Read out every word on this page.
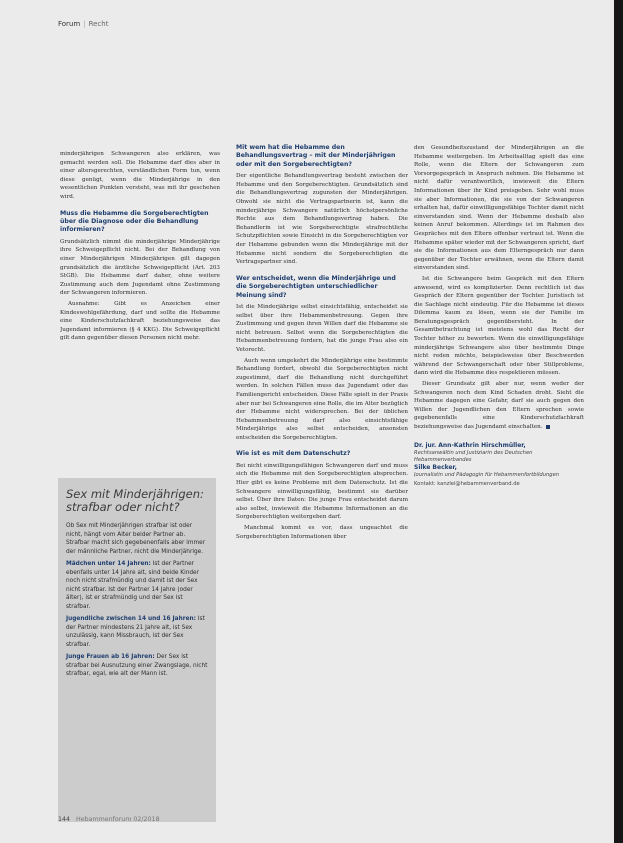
Forum | Recht

minderjährigen Schwangeren also erklären, was gemacht werden soll. Die Hebamme darf dies aber in einer altersgerechten, verständlichen Form tun, wenn diese genügt, wenn die Minderjährige in den wesentlichen Punkten versteht, was mit ihr geschehen wird.

Muss die Hebamme die Sorgeberechtigten über die Diagnose oder die Behandlung informieren?

Grundsätzlich nimmt die minderjährige Minderjährige ihre Schweigepflicht nicht. Bei der Behandlung von einer Minderjährigen Minderjährigen gilt dagegen grundsätzlich die ärztliche Schweigepflicht (Art. 203 StGB). Die Hebamme darf daher, ohne weitere Zustimmung auch dem Jugendamt ohne Zustimmung der Schwangeren informieren.

Ausnahme: Gibt es Anzeichen einer Kindeswohlgefährdung, darf und sollte die Hebamme eine Kinderschutzfachkraft beziehungsweise das Jugendamt informieren (§ 4 KKG). Die Schweigepflicht gilt dann gegenüber diesen Personen nicht mehr.

Sex mit Minderjährigen: strafbar oder nicht?

Ob Sex mit Minderjährigen strafbar ist oder nicht, hängt vom Alter beider Partner ab. Strafbar macht sich gegebenenfalls aber immer der männliche Partner, nicht die Minderjährige.

Mädchen unter 14 Jahren: Ist der Partner ebenfalls unter 14 Jahre alt, sind beide Kinder noch nicht strafmündig und damit ist der Sex nicht strafbar. Ist der Partner 14 Jahre (oder älter), ist er strafmündig und der Sex ist strafbar.

Jugendliche zwischen 14 und 16 Jahren: Ist der Partner mindestens 21 Jahre alt, ist Sex unzulässig, kann Missbrauch, ist der Sex strafbar.

Junge Frauen ab 16 Jahren: Der Sex ist strafbar bei Ausnutzung einer Zwangslage, nicht strafbar, egal, wie alt der Mann ist.

Mit wem hat die Hebamme den Behandlungsvertrag – mit der Minderjährigen oder mit den Sorgeberechtigten?

Der eigentliche Behandlungsvertrag besteht zwischen der Hebamme und den Sorgeberechtigten. Grundsätzlich sind die Behandlungsvertrag zugunsten der Minderjährigen. Obwohl sie nicht die Vertragspartnerin ist, kann die minderjährige Schwangere natürlich höchstpersönliche Rechte aus dem Behandlungsvertrag haben. Die Behandlerin ist wie Sorgeberechtigte strafrechtliche Schutzpflichten sowie Einsicht in die Sorgeberechtigten vor der Hebamme gebunden wenn die Minderjährige mit der Hebamme nicht sondern die Sorgeberechtigten die Vertragspartner sind.

Wer entscheidet, wenn die Minderjährige und die Sorgeberechtigten unterschiedlicher Meinung sind?

Ist die Minderjährige selbst einsichtsfähig, entscheidet sie selbst über ihre Hebammenbetreuung. Gegen ihre Zustimmung und gegen ihren Willen darf die Hebamme sie nicht betreuen. Selbst wenn die Sorgeberechtigten die Hebammenbetreuung fordern, hat die junge Frau also ein Vetorecht.

Auch wenn umgekehrt die Minderjährige eine bestimmte Behandlung fordert, obwohl die Sorgeberechtigten nicht zugestimmt, darf die Behandlung nicht durchgeführt werden. In solchen Fällen muss das Jugendamt oder das Familiengericht entscheiden. Diese Fälle spielt in der Praxis aber nur bei Schwangeren eine Rolle, die im Alter bezüglich der Hebamme nicht widersprechen. Bei der üblichen Hebammenbetreuung darf also einsichtsfähige Minderjährige also selbst entscheiden, ansonsten entscheiden die Sorgeberechtigten.

Wie ist es mit dem Datenschutz?

Bei nicht einwilligungsfähigen Schwangeren darf und muss sich die Hebamme mit den Sorgeberechtigten absprechen. Hier gibt es keine Probleme mit dem Datenschutz. Ist die Schwangere einwilligungsfähig, bestimmt sie darüber selbst. Über ihre Daten: Die junge Frau entscheidet darum also selbst, inwieweit die Hebamme Informationen an die Sorgeberechtigten weitergeben darf.

Manchmal kommt es vor, dass ungeachtet die Sorgeberechtigten Informationen über

den Gesundheitszustand der Minderjährigen an die Hebamme weitergeben. Im Arbeitsalltag spielt das eine Rolle, wenn die Eltern der Schwangeren zum Vorsorgegespräch in Anspruch nehmen. Die Hebamme ist nicht dafür verantwortlich, inwieweit die Eltern Informationen über ihr Kind preisgeben. Sehr wohl muss sie aber Informationen, die sie von der Schwangeren erhalten hat, dafür einwilligungsfähige Tochter damit nicht einverstanden sind. Wenn der Hebamme deshalb also keinen Anruf bekommen. Allerdings ist im Rahmen des Gespräches mit den Eltern offenbar vertraut ist. Wenn die Hebamme später wieder mit der Schwangeren spricht, darf sie die Informationen aus dem Elterngespräch nur dann gegenüber der Tochter erwähnen, wenn die Eltern damit einverstanden sind.

Ist die Schwangere beim Gespräch mit den Eltern anwesend, wird es komplizierter. Denn rechtlich ist das Gespräch der Eltern gegenüber der Tochter. Juristisch ist die Sachlage nicht eindeutig. Für die Hebamme ist dieses Dilemma kaum zu lösen, wenn sie der Familie im Beratungsgespräch gegenübersteht. In der Gesamtbetrachtung ist meistens wohl das Recht der Tochter höher zu bewerten. Wenn die einwilligungsfähige minderjährige Schwangere also über bestimmte Dinge nicht reden möchte, beispielsweise über Beschwerden während der Schwangerschaft oder über Stillprobleme, dann wird die Hebamme dies respektieren müssen.

Dieser Grundsatz gilt aber nur, wenn weder der Schwangeren noch dem Kind Schaden droht. Sieht die Hebamme dagegen eine Gefahr, darf sie auch gegen den Willen der Jugendlichen den Eltern sprechen sowie gegebenenfalls eine Kinderschutzfachkraft beziehungsweise das Jugendamt einschalten.

Dr. jur. Ann-Kathrin Hirschmüller,
Rechtsanwältin und Justiziarin des Deutschen Hebammenverbandes
Silke Becker,
Journalistin und Pädagogin für Hebammenfortbildungen
Kontakt: kanzlei@hebammenverband.de
144 Hebammenforum 02/2018
